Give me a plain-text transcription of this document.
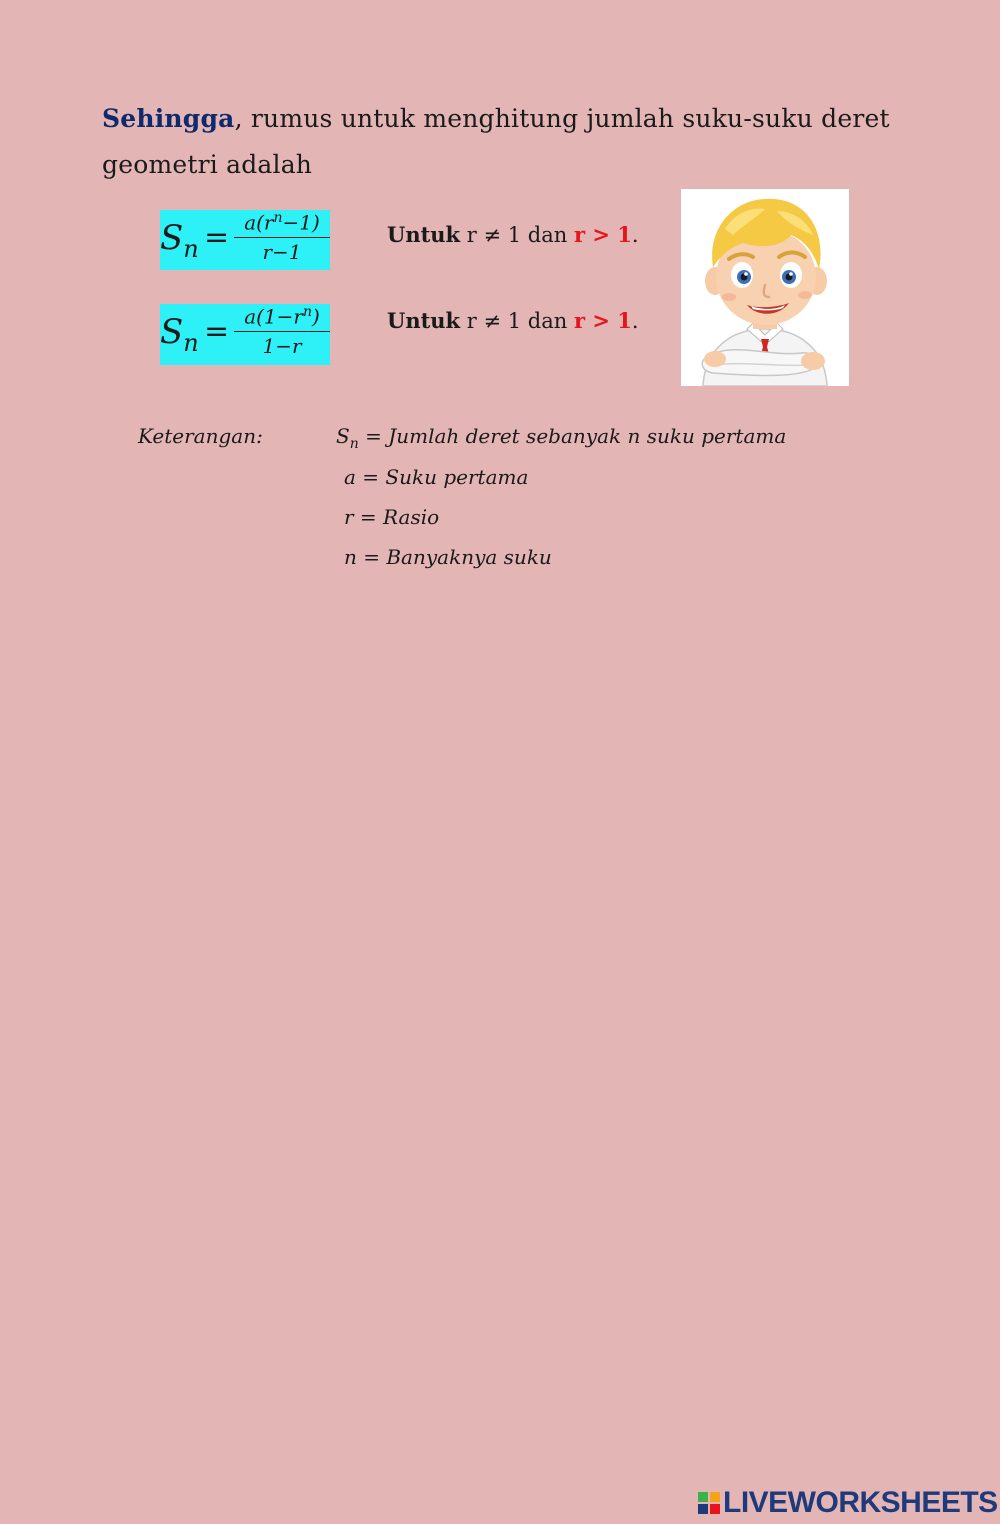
Sehingga, rumus untuk menghitung jumlah suku-suku deret geometri adalah
$S_n = \frac{a(r^n-1)}{r-1}$	Untuk r ≠ 1 dan r > 1.
$S_n = \frac{a(1-r^n)}{1-r}$	Untuk r ≠ 1 dan r > 1.
Keterangan:	$S_n$ = Jumlah deret sebanyak n suku pertama
a = Suku pertama
r = Rasio
n = Banyaknya suku
LIVEWORKSHEETS
